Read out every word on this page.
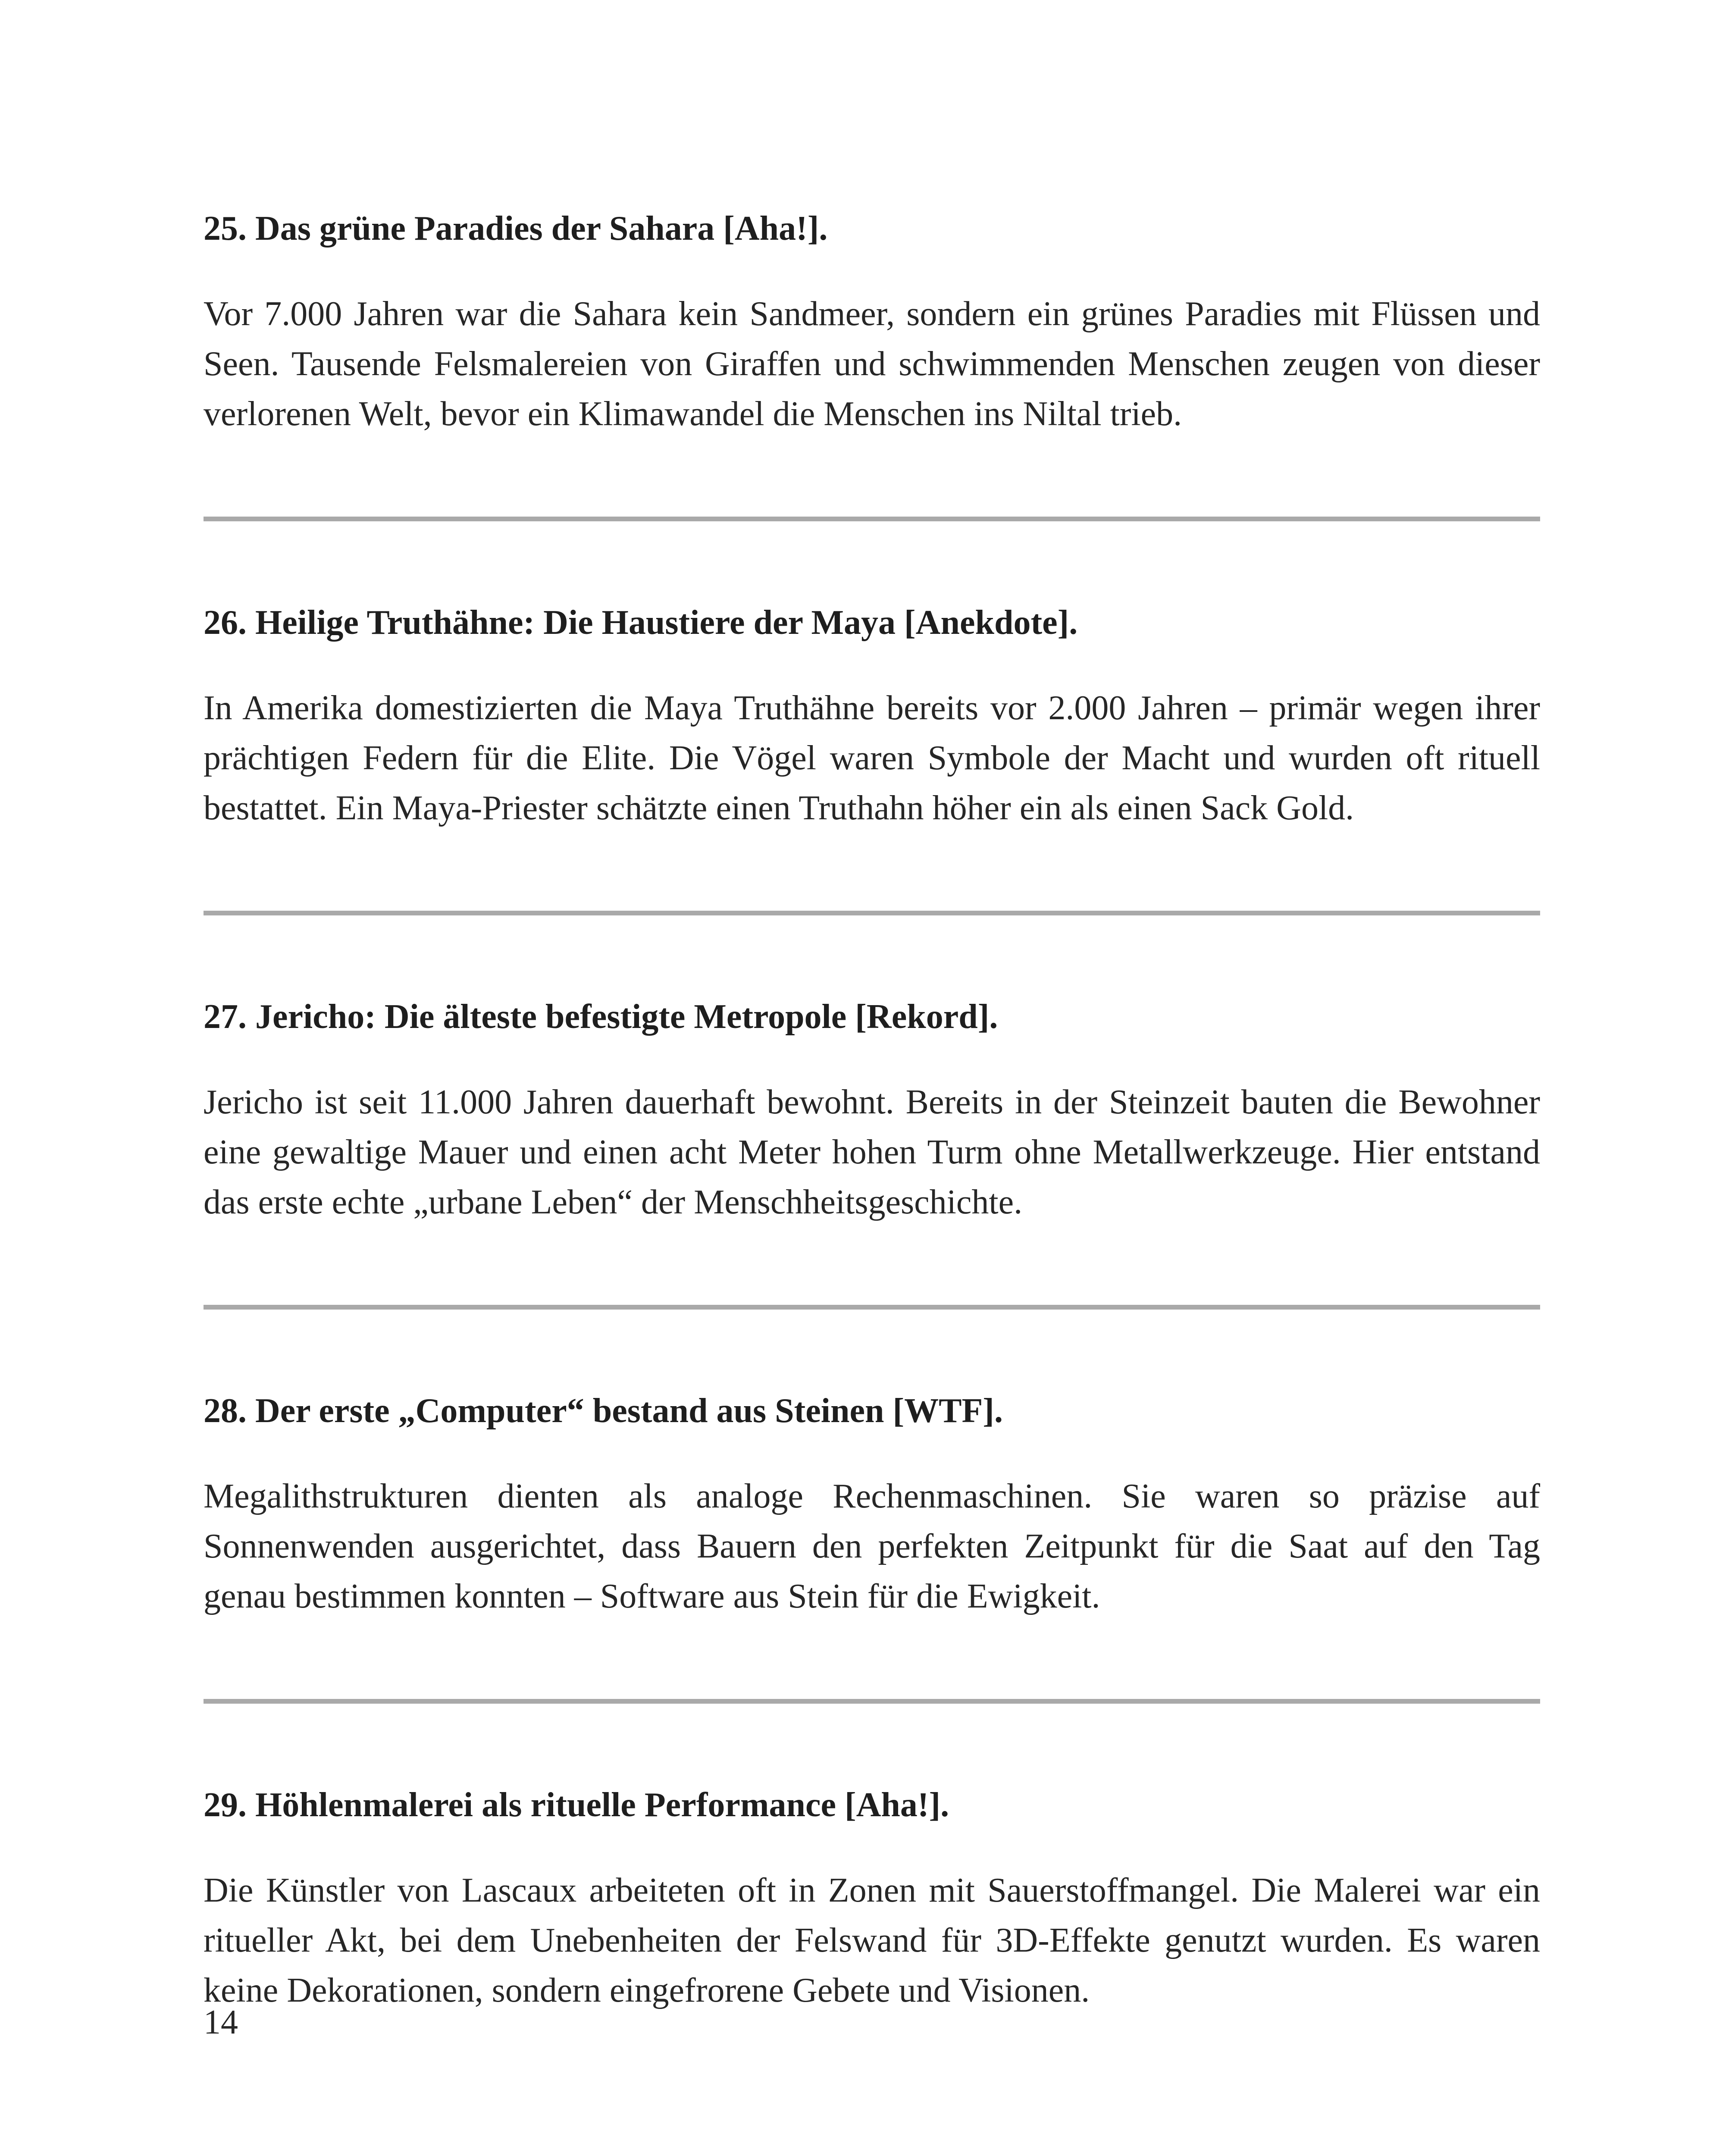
25. Das grüne Paradies der Sahara [Aha!].

Vor 7.000 Jahren war die Sahara kein Sandmeer, sondern ein grünes Paradies mit Flüssen und Seen. Tausende Felsmalereien von Giraffen und schwimmenden Menschen zeugen von dieser verlorenen Welt, bevor ein Klimawandel die Menschen ins Niltal trieb.

26. Heilige Truthähne: Die Haustiere der Maya [Anekdote].

In Amerika domestizierten die Maya Truthähne bereits vor 2.000 Jahren – primär wegen ihrer prächtigen Federn für die Elite. Die Vögel waren Symbole der Macht und wurden oft rituell bestattet. Ein Maya-Priester schätzte einen Truthahn höher ein als einen Sack Gold.

27. Jericho: Die älteste befestigte Metropole [Rekord].

Jericho ist seit 11.000 Jahren dauerhaft bewohnt. Bereits in der Steinzeit bauten die Bewohner eine gewaltige Mauer und einen acht Meter hohen Turm ohne Metallwerkzeuge. Hier entstand das erste echte „urbane Leben“ der Menschheitsgeschichte.

28. Der erste „Computer“ bestand aus Steinen [WTF].

Megalithstrukturen dienten als analoge Rechenmaschinen. Sie waren so präzise auf Sonnenwenden ausgerichtet, dass Bauern den perfekten Zeitpunkt für die Saat auf den Tag genau bestimmen konnten – Software aus Stein für die Ewigkeit.

29. Höhlenmalerei als rituelle Performance [Aha!].

Die Künstler von Lascaux arbeiteten oft in Zonen mit Sauerstoffmangel. Die Malerei war ein ritueller Akt, bei dem Unebenheiten der Felswand für 3D-Effekte genutzt wurden. Es waren keine Dekorationen, sondern eingefrorene Gebete und Visionen.

14
